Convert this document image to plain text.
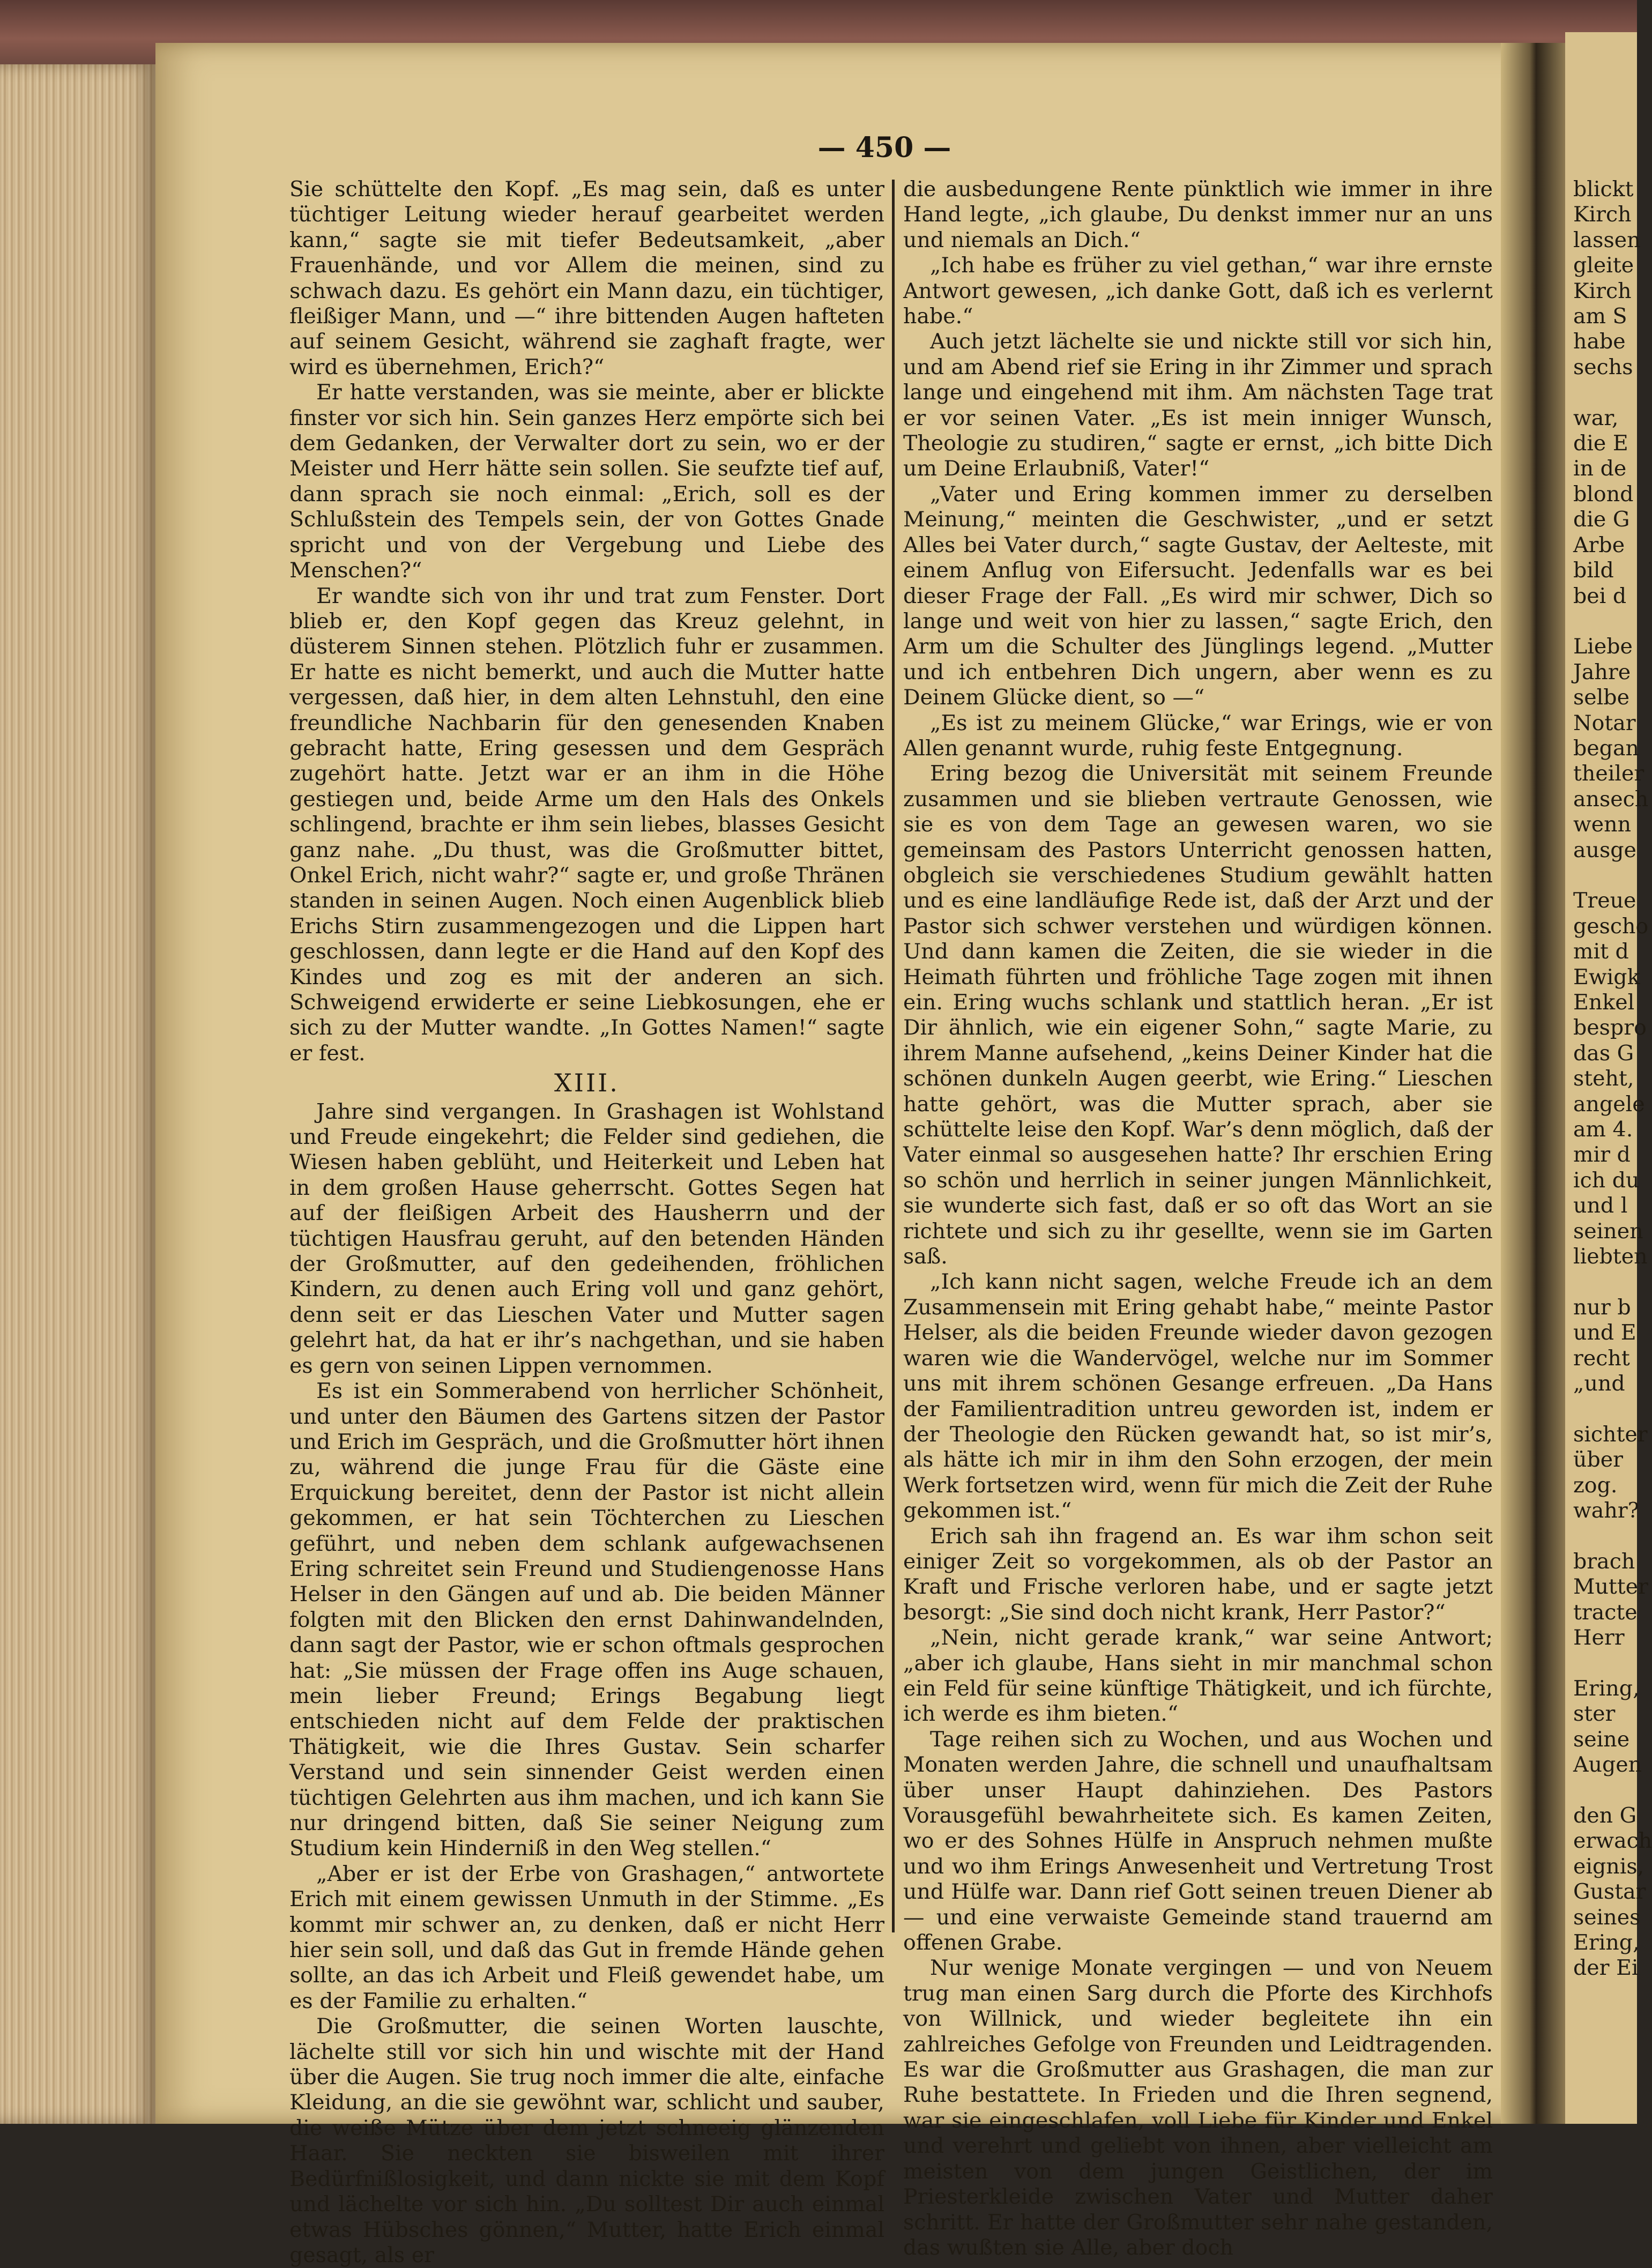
— 450 —

Sie schüttelte den Kopf. „Es mag sein, daß es unter tüchtiger Leitung wieder herauf gearbeitet werden kann,“ sagte sie mit tiefer Bedeutsamkeit, „aber Frauenhände, und vor Allem die meinen, sind zu schwach dazu. Es gehört ein Mann dazu, ein tüchtiger, fleißiger Mann, und —“ ihre bittenden Augen hafteten auf seinem Gesicht, während sie zaghaft fragte, wer wird es übernehmen, Erich?“

Er hatte verstanden, was sie meinte, aber er blickte finster vor sich hin. Sein ganzes Herz empörte sich bei dem Gedanken, der Verwalter dort zu sein, wo er der Meister und Herr hätte sein sollen. Sie seufzte tief auf, dann sprach sie noch einmal: „Erich, soll es der Schlußstein des Tempels sein, der von Gottes Gnade spricht und von der Vergebung und Liebe des Menschen?“

Er wandte sich von ihr und trat zum Fenster. Dort blieb er, den Kopf gegen das Kreuz gelehnt, in düsterem Sinnen stehen. Plötzlich fuhr er zusammen. Er hatte es nicht bemerkt, und auch die Mutter hatte vergessen, daß hier, in dem alten Lehnstuhl, den eine freundliche Nachbarin für den genesenden Knaben gebracht hatte, Ering gesessen und dem Gespräch zugehört hatte. Jetzt war er an ihm in die Höhe gestiegen und, beide Arme um den Hals des Onkels schlingend, brachte er ihm sein liebes, blasses Gesicht ganz nahe. „Du thust, was die Großmutter bittet, Onkel Erich, nicht wahr?“ sagte er, und große Thränen standen in seinen Augen. Noch einen Augenblick blieb Erichs Stirn zusammengezogen und die Lippen hart geschlossen, dann legte er die Hand auf den Kopf des Kindes und zog es mit der anderen an sich. Schweigend erwiderte er seine Liebkosungen, ehe er sich zu der Mutter wandte. „In Gottes Namen!“ sagte er fest.

XIII.

Jahre sind vergangen. In Grashagen ist Wohlstand und Freude eingekehrt; die Felder sind gediehen, die Wiesen haben geblüht, und Heiterkeit und Leben hat in dem großen Hause geherrscht. Gottes Segen hat auf der fleißigen Arbeit des Hausherrn und der tüchtigen Hausfrau geruht, auf den betenden Händen der Großmutter, auf den gedeihenden, fröhlichen Kindern, zu denen auch Ering voll und ganz gehört, denn seit er das Lieschen Vater und Mutter sagen gelehrt hat, da hat er ihr’s nachgethan, und sie haben es gern von seinen Lippen vernommen.

Es ist ein Sommerabend von herrlicher Schönheit, und unter den Bäumen des Gartens sitzen der Pastor und Erich im Gespräch, und die Großmutter hört ihnen zu, während die junge Frau für die Gäste eine Erquickung bereitet, denn der Pastor ist nicht allein gekommen, er hat sein Töchterchen zu Lieschen geführt, und neben dem schlank aufgewachsenen Ering schreitet sein Freund und Studiengenosse Hans Helser in den Gängen auf und ab. Die beiden Männer folgten mit den Blicken den ernst Dahinwandelnden, dann sagt der Pastor, wie er schon oftmals gesprochen hat: „Sie müssen der Frage offen ins Auge schauen, mein lieber Freund; Erings Begabung liegt entschieden nicht auf dem Felde der praktischen Thätigkeit, wie die Ihres Gustav. Sein scharfer Verstand und sein sinnender Geist werden einen tüchtigen Gelehrten aus ihm machen, und ich kann Sie nur dringend bitten, daß Sie seiner Neigung zum Studium kein Hinderniß in den Weg stellen.“

„Aber er ist der Erbe von Grashagen,“ antwortete Erich mit einem gewissen Unmuth in der Stimme. „Es kommt mir schwer an, zu denken, daß er nicht Herr hier sein soll, und daß das Gut in fremde Hände gehen sollte, an das ich Arbeit und Fleiß gewendet habe, um es der Familie zu erhalten.“

Die Großmutter, die seinen Worten lauschte, lächelte still vor sich hin und wischte mit der Hand über die Augen. Sie trug noch immer die alte, einfache Kleidung, an die sie gewöhnt war, schlicht und sauber, die weiße Mütze über dem jetzt schneeig glänzenden Haar. Sie neckten sie bisweilen mit ihrer Bedürfnißlosigkeit, und dann nickte sie mit dem Kopf und lächelte vor sich hin. „Du solltest Dir auch einmal etwas Hübsches gönnen,“ Mutter, hatte Erich einmal gesagt, als er

die ausbedungene Rente pünktlich wie immer in ihre Hand legte, „ich glaube, Du denkst immer nur an uns und niemals an Dich.“

„Ich habe es früher zu viel gethan,“ war ihre ernste Antwort gewesen, „ich danke Gott, daß ich es verlernt habe.“

Auch jetzt lächelte sie und nickte still vor sich hin, und am Abend rief sie Ering in ihr Zimmer und sprach lange und eingehend mit ihm. Am nächsten Tage trat er vor seinen Vater. „Es ist mein inniger Wunsch, Theologie zu studiren,“ sagte er ernst, „ich bitte Dich um Deine Erlaubniß, Vater!“

„Vater und Ering kommen immer zu derselben Meinung,“ meinten die Geschwister, „und er setzt Alles bei Vater durch,“ sagte Gustav, der Aelteste, mit einem Anflug von Eifersucht. Jedenfalls war es bei dieser Frage der Fall. „Es wird mir schwer, Dich so lange und weit von hier zu lassen,“ sagte Erich, den Arm um die Schulter des Jünglings legend. „Mutter und ich entbehren Dich ungern, aber wenn es zu Deinem Glücke dient, so —“

„Es ist zu meinem Glücke,“ war Erings, wie er von Allen genannt wurde, ruhig feste Entgegnung.

Ering bezog die Universität mit seinem Freunde zusammen und sie blieben vertraute Genossen, wie sie es von dem Tage an gewesen waren, wo sie gemeinsam des Pastors Unterricht genossen hatten, obgleich sie verschiedenes Studium gewählt hatten und es eine landläufige Rede ist, daß der Arzt und der Pastor sich schwer verstehen und würdigen können. Und dann kamen die Zeiten, die sie wieder in die Heimath führten und fröhliche Tage zogen mit ihnen ein. Ering wuchs schlank und stattlich heran. „Er ist Dir ähnlich, wie ein eigener Sohn,“ sagte Marie, zu ihrem Manne aufsehend, „keins Deiner Kinder hat die schönen dunkeln Augen geerbt, wie Ering.“ Lieschen hatte gehört, was die Mutter sprach, aber sie schüttelte leise den Kopf. War’s denn möglich, daß der Vater einmal so ausgesehen hatte? Ihr erschien Ering so schön und herrlich in seiner jungen Männlichkeit, sie wunderte sich fast, daß er so oft das Wort an sie richtete und sich zu ihr gesellte, wenn sie im Garten saß.

„Ich kann nicht sagen, welche Freude ich an dem Zusammensein mit Ering gehabt habe,“ meinte Pastor Helser, als die beiden Freunde wieder davon gezogen waren wie die Wandervögel, welche nur im Sommer uns mit ihrem schönen Gesange erfreuen. „Da Hans der Familientradition untreu geworden ist, indem er der Theologie den Rücken gewandt hat, so ist mir’s, als hätte ich mir in ihm den Sohn erzogen, der mein Werk fortsetzen wird, wenn für mich die Zeit der Ruhe gekommen ist.“

Erich sah ihn fragend an. Es war ihm schon seit einiger Zeit so vorgekommen, als ob der Pastor an Kraft und Frische verloren habe, und er sagte jetzt besorgt: „Sie sind doch nicht krank, Herr Pastor?“

„Nein, nicht gerade krank,“ war seine Antwort; „aber ich glaube, Hans sieht in mir manchmal schon ein Feld für seine künftige Thätigkeit, und ich fürchte, ich werde es ihm bieten.“

Tage reihen sich zu Wochen, und aus Wochen und Monaten werden Jahre, die schnell und unaufhaltsam über unser Haupt dahinziehen. Des Pastors Vorausgefühl bewahrheitete sich. Es kamen Zeiten, wo er des Sohnes Hülfe in Anspruch nehmen mußte und wo ihm Erings Anwesenheit und Vertretung Trost und Hülfe war. Dann rief Gott seinen treuen Diener ab — und eine verwaiste Gemeinde stand trauernd am offenen Grabe.

Nur wenige Monate vergingen — und von Neuem trug man einen Sarg durch die Pforte des Kirchhofs von Willnick, und wieder begleitete ihn ein zahlreiches Gefolge von Freunden und Leidtragenden. Es war die Großmutter aus Grashagen, die man zur Ruhe bestattete. In Frieden und die Ihren segnend, war sie eingeschlafen, voll Liebe für Kinder und Enkel und verehrt und geliebt von ihnen, aber vielleicht am meisten von dem jungen Geistlichen, der im Priesterkleide zwischen Vater und Mutter daher schritt. Er hatte der Großmutter sehr nahe gestanden, das wußten sie Alle, aber doch

blickt
Kirch
lassen
gleite
Kirch
am S
habe
sechs

war,
die E
in de
blond
die G
Arbe
bild
bei d

Liebe
Jahre
selbe
Notar
began
theiler
ansech
wenn
ausge

Treue
gescho
mit d
Ewigk
Enkel
bespro
das G
steht,
angele
am 4.
mir d
ich du
und l
seinen
liebten

nur b
und E
recht
„und

sichter
über
zog.
wahr?

brach
Mutter
tracte
Herr

Ering,
ster
seine
Augen

den G
erwach
eignis,
Gustar
seines
Ering,
der Ei
